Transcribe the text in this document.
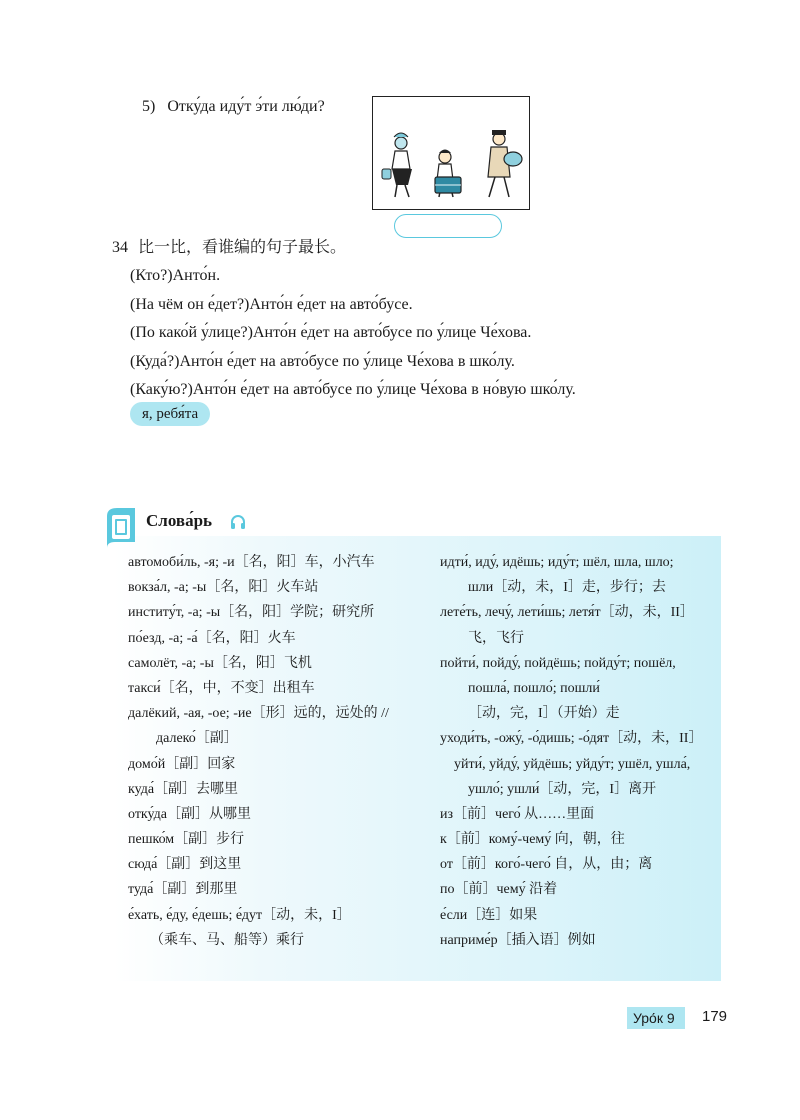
5) Отку́да иду́т э́ти лю́ди?
34 比一比，看谁编的句子最长。
(Кто?)Анто́н.
(На чём он е́дет?)Анто́н е́дет на авто́бусе.
(По како́й у́лице?)Анто́н е́дет на авто́бусе по у́лице Че́хова.
(Куда́?)Анто́н е́дет на авто́бусе по у́лице Че́хова в шко́лу.
(Каку́ю?)Анто́н е́дет на авто́бусе по у́лице Че́хова в но́вую шко́лу.
я, ребя́та
Слова́рь
автомоби́ль, -я; -и［名，阳］车，小汽车
вокза́л, -а; -ы［名，阳］火车站
институ́т, -а; -ы［名，阳］学院；研究所
по́езд, -а; -а́［名，阳］火车
самолёт, -а; -ы［名，阳］飞机
такси́［名，中，不变］出租车
далёкий, -ая, -ое; -ие［形］远的，远处的 //
далеко́［副］
домо́й［副］回家
куда́［副］去哪里
отку́да［副］从哪里
пешко́м［副］步行
сюда́［副］到这里
туда́［副］到那里
е́хать, е́ду, е́дешь; е́дут［动，未，I］
（乘车、马、船等）乘行
идти́, иду́, идёшь; иду́т; шёл, шла, шло;
шли［动，未，I］走，步行；去
лете́ть, лечу́, лети́шь; летя́т［动，未，II］
飞，飞行
пойти́, пойду́, пойдёшь; пойду́т; пошёл,
пошла́, пошло́; пошли́
［动，完，I］（开始）走
уходи́ть, -ожу́, -о́дишь; -о́дят［动，未，II］
уйти́, уйду́, уйдёшь; уйду́т; ушёл, ушла́,
ушло́; ушли́［动，完，I］离开
из［前］чего́ 从……里面
к［前］кому́-чему́ 向，朝，往
от［前］кого́-чего́ 自，从，由；离
по［前］чему́ 沿着
е́сли［连］如果
наприме́р［插入语］例如
Уро́к 9 179
